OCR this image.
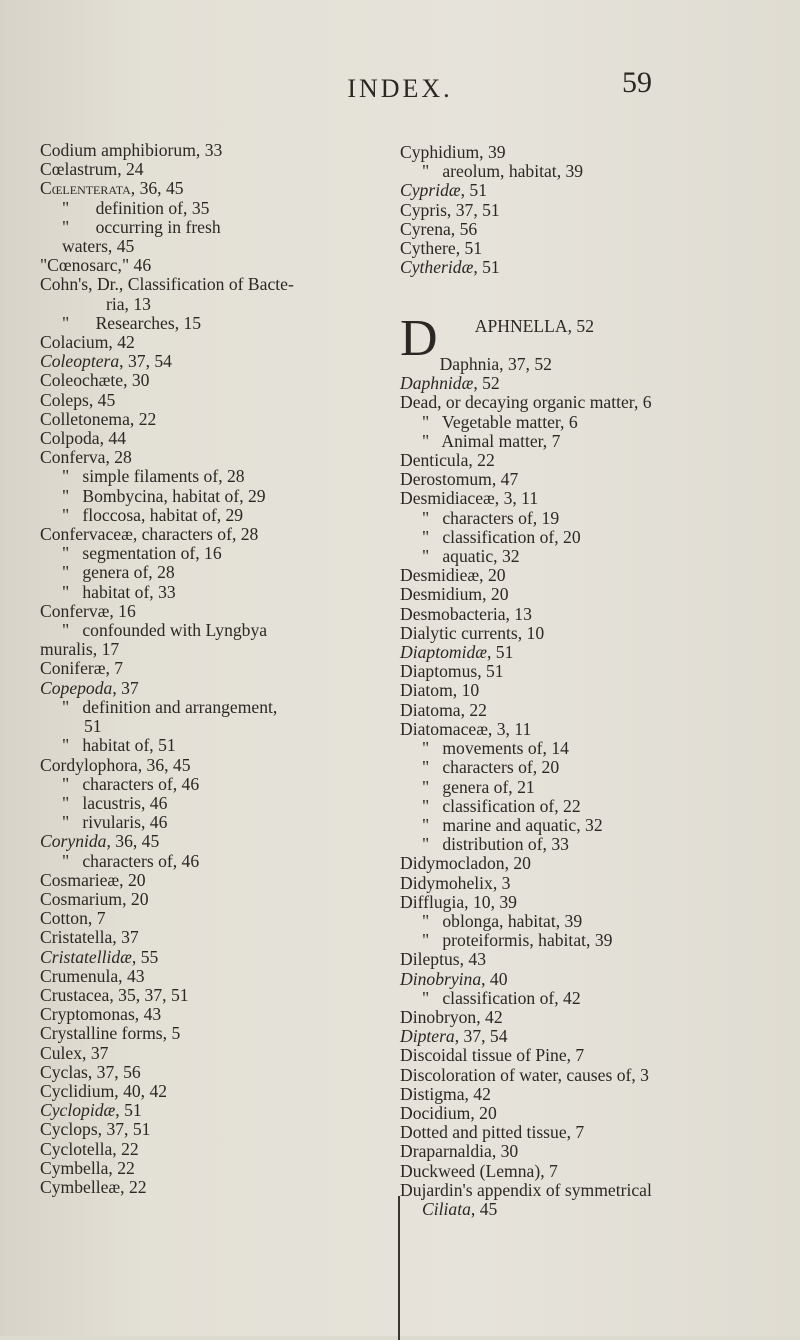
INDEX.	59
Codium amphibiorum, 33
Cœlastrum, 24
Cœlenterata, 36, 45
"      definition of, 35
"      occurring in fresh
waters, 45
"Cœnosarc," 46
Cohn's, Dr., Classification of Bacte-
ria, 13
"      Researches, 15
Colacium, 42
Coleoptera, 37, 54
Coleochæte, 30
Coleps, 45
Colletonema, 22
Colpoda, 44
Conferva, 28
"   simple filaments of, 28
"   Bombycina, habitat of, 29
"   floccosa, habitat of, 29
Confervaceæ, characters of, 28
"   segmentation of, 16
"   genera of, 28
"   habitat of, 33
Confervæ, 16
"   confounded with Lyngbya
muralis, 17
Coniferæ, 7
Copepoda, 37
"   definition and arrangement,
51
"   habitat of, 51
Cordylophora, 36, 45
"   characters of, 46
"   lacustris, 46
"   rivularis, 46
Corynida, 36, 45
"   characters of, 46
Cosmarieæ, 20
Cosmarium, 20
Cotton, 7
Cristatella, 37
Cristatellidæ, 55
Crumenula, 43
Crustacea, 35, 37, 51
Cryptomonas, 43
Crystalline forms, 5
Culex, 37
Cyclas, 37, 56
Cyclidium, 40, 42
Cyclopidæ, 51
Cyclops, 37, 51
Cyclotella, 22
Cymbella, 22
Cymbelleæ, 22
Cyphidium, 39
"   areolum, habitat, 39
Cypridæ, 51
Cypris, 37, 51
Cyrena, 56
Cythere, 51
Cytheridæ, 51

D APHNELLA, 52

Daphnia, 37, 52
Daphnidæ, 52
Dead, or decaying organic matter, 6
"   Vegetable matter, 6
"   Animal matter, 7
Denticula, 22
Derostomum, 47
Desmidiaceæ, 3, 11
"   characters of, 19
"   classification of, 20
"   aquatic, 32
Desmidieæ, 20
Desmidium, 20
Desmobacteria, 13
Dialytic currents, 10
Diaptomidæ, 51
Diaptomus, 51
Diatom, 10
Diatoma, 22
Diatomaceæ, 3, 11
"   movements of, 14
"   characters of, 20
"   genera of, 21
"   classification of, 22
"   marine and aquatic, 32
"   distribution of, 33
Didymocladon, 20
Didymohelix, 3
Difflugia, 10, 39
"   oblonga, habitat, 39
"   proteiformis, habitat, 39
Dileptus, 43
Dinobryina, 40
"   classification of, 42
Dinobryon, 42
Diptera, 37, 54
Discoidal tissue of Pine, 7
Discoloration of water, causes of, 3
Distigma, 42
Docidium, 20
Dotted and pitted tissue, 7
Draparnaldia, 30
Duckweed (Lemna), 7
Dujardin's appendix of symmetrical
Ciliata, 45
